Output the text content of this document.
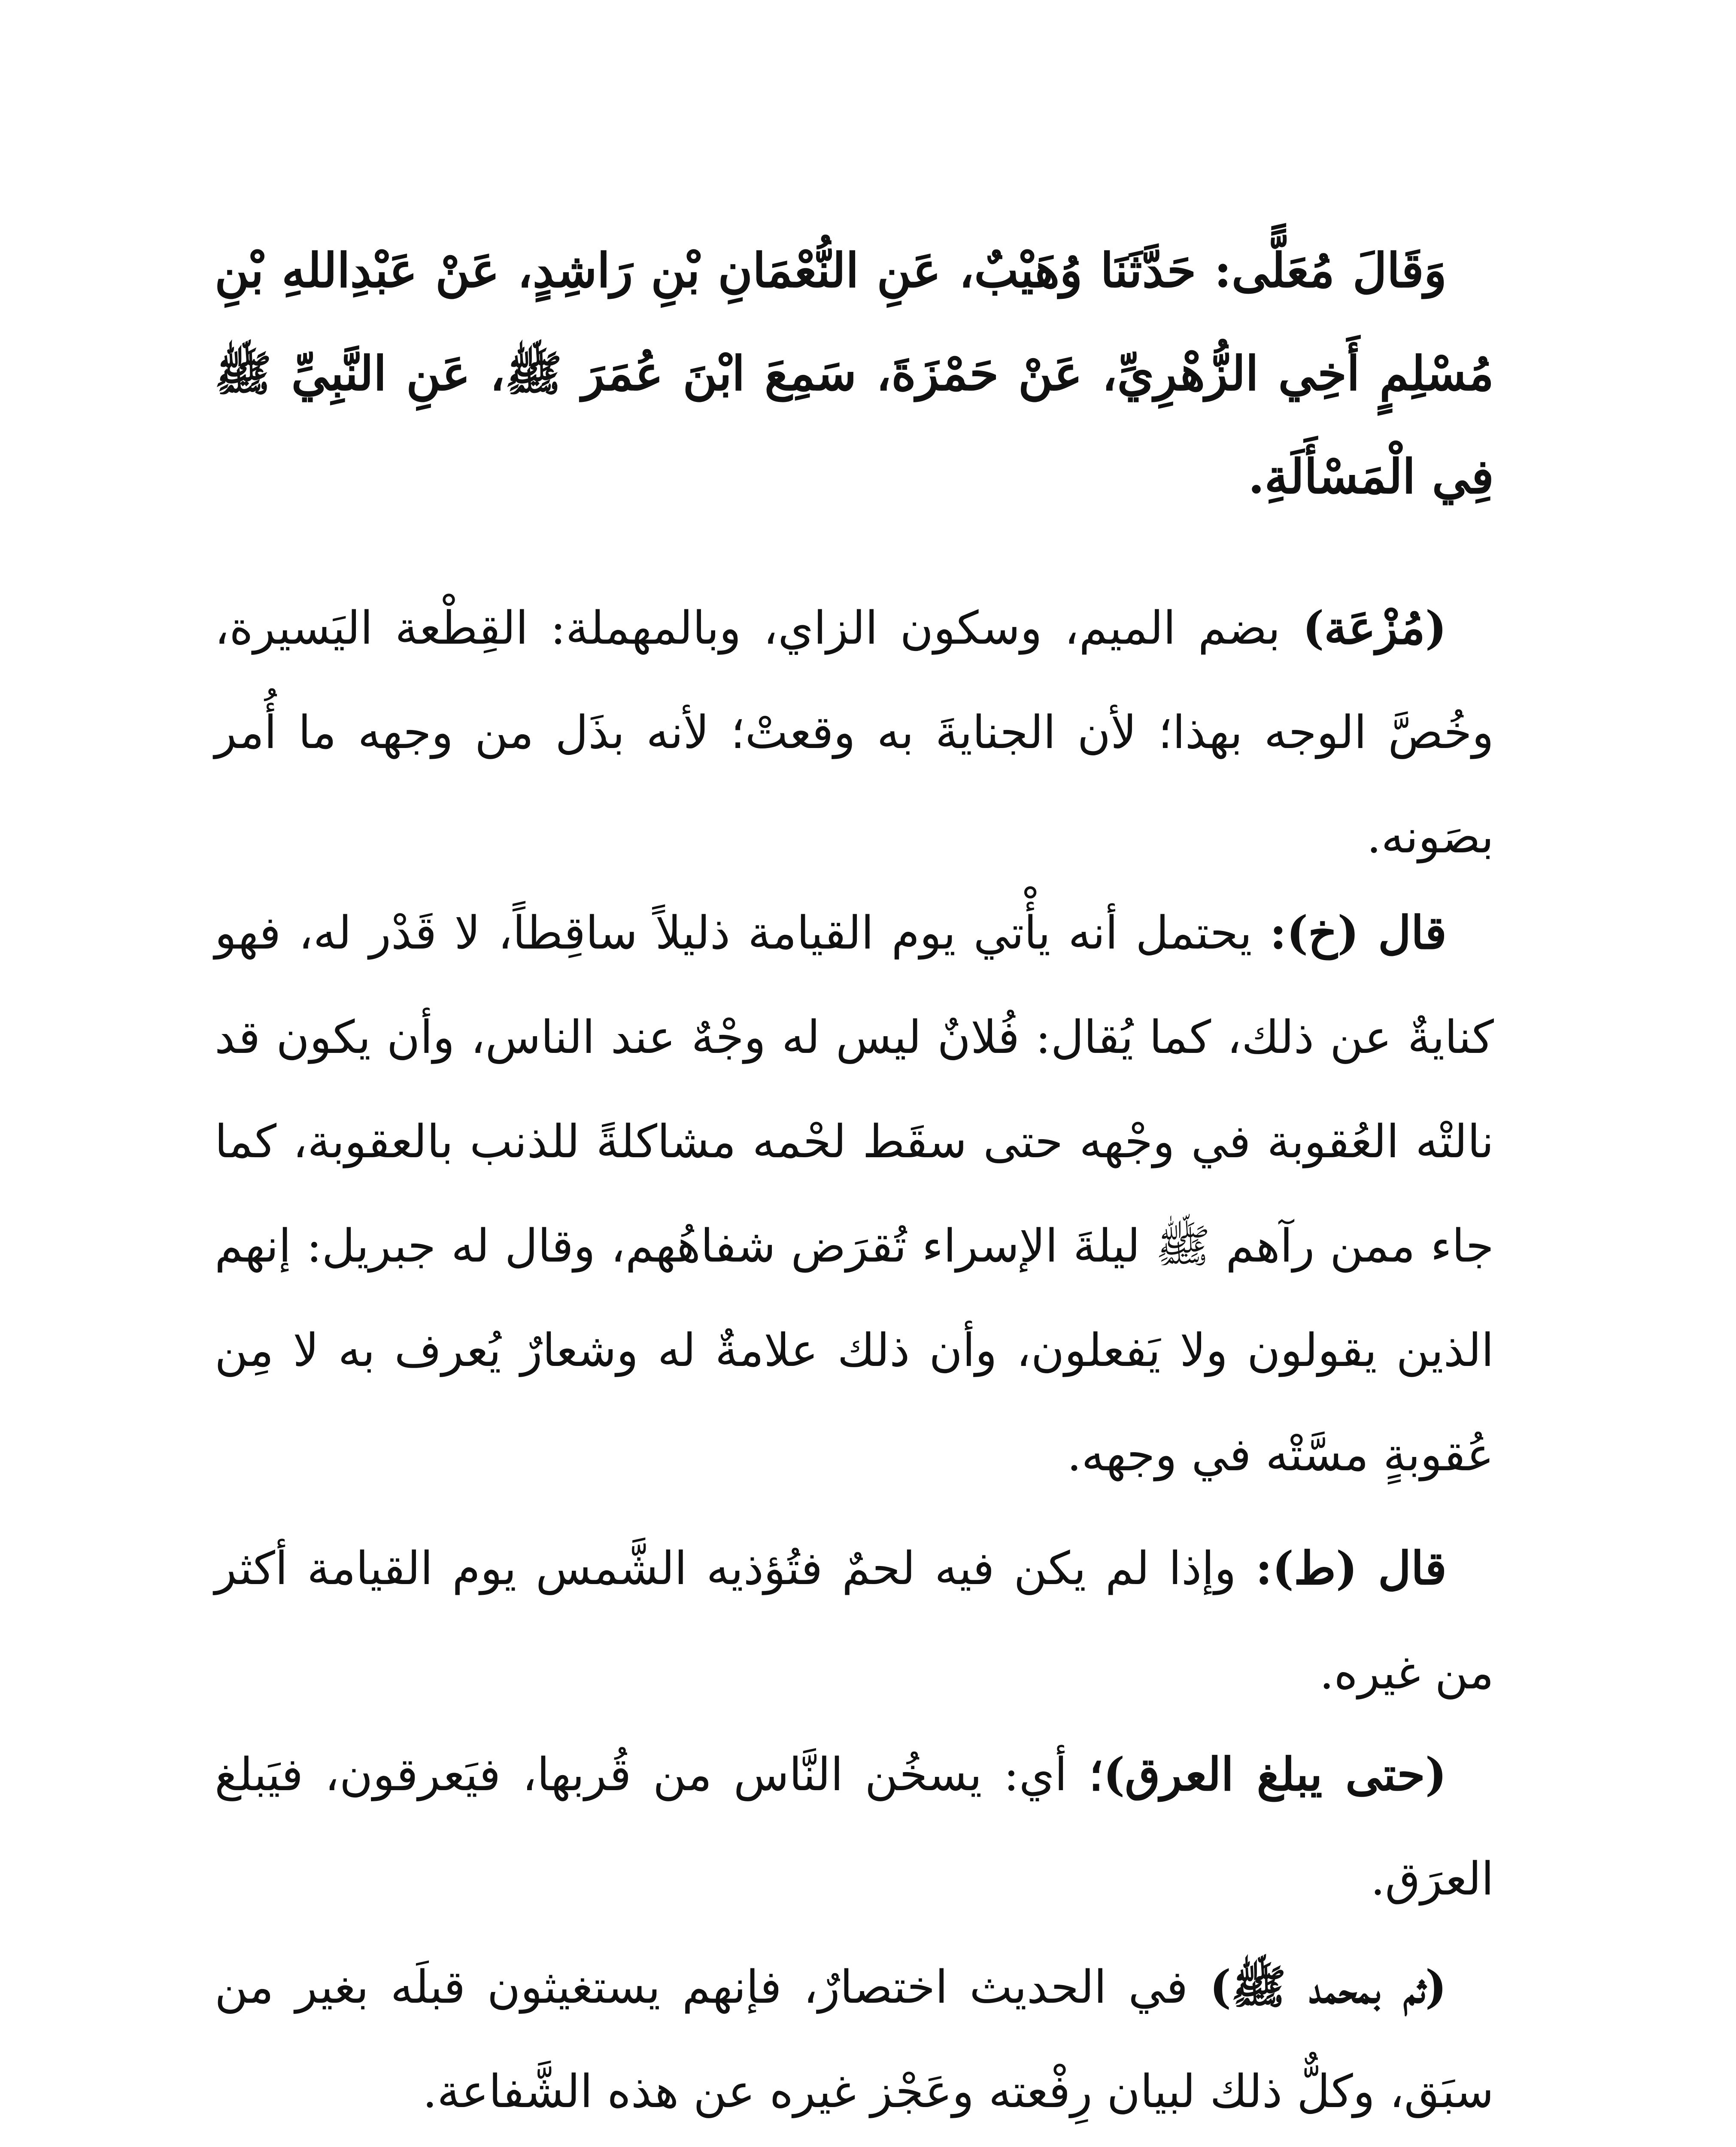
وَقَالَ مُعَلًّى: حَدَّثَنَا وُهَيْبٌ، عَنِ النُّعْمَانِ بْنِ رَاشِدٍ، عَنْ عَبْدِاللهِ بْنِ مُسْلِمٍ أَخِي الزُّهْرِيِّ، عَنْ حَمْزَةَ، سَمِعَ ابْنَ عُمَرَ ﷺ، عَنِ النَّبِيِّ ﷺ فِي الْمَسْأَلَةِ.

(مُزْعَة) بضم الميم، وسكون الزاي، وبالمهملة: القِطْعة اليَسيرة، وخُصَّ الوجه بهذا؛ لأن الجنايةَ به وقعتْ؛ لأنه بذَل من وجهه ما أُمر بصَونه.

قال (خ): يحتمل أنه يأْتي يوم القيامة ذليلاً ساقِطاً، لا قَدْر له، فهو كنايةٌ عن ذلك، كما يُقال: فُلانٌ ليس له وجْهٌ عند الناس، وأن يكون قد نالتْه العُقوبة في وجْهه حتى سقَط لحْمه مشاكلةً للذنب بالعقوبة، كما جاء ممن رآهم ﷺ ليلةَ الإسراء تُقرَض شفاهُهم، وقال له جبريل: إنهم الذين يقولون ولا يَفعلون، وأن ذلك علامةٌ له وشعارٌ يُعرف به لا مِن عُقوبةٍ مسَّتْه في وجهه.

قال (ط): وإذا لم يكن فيه لحمٌ فتُؤذيه الشَّمس يوم القيامة أكثر من غيره.

(حتى يبلغ العرق)؛ أي: يسخُن النَّاس من قُربها، فيَعرقون، فيَبلغ العرَق.

(ثم بمحمد ﷺ) في الحديث اختصارٌ، فإنهم يستغيثون قبلَه بغير من سبَق، وكلٌّ ذلك لبيان رِفْعته وعَجْز غيره عن هذه الشَّفاعة.
